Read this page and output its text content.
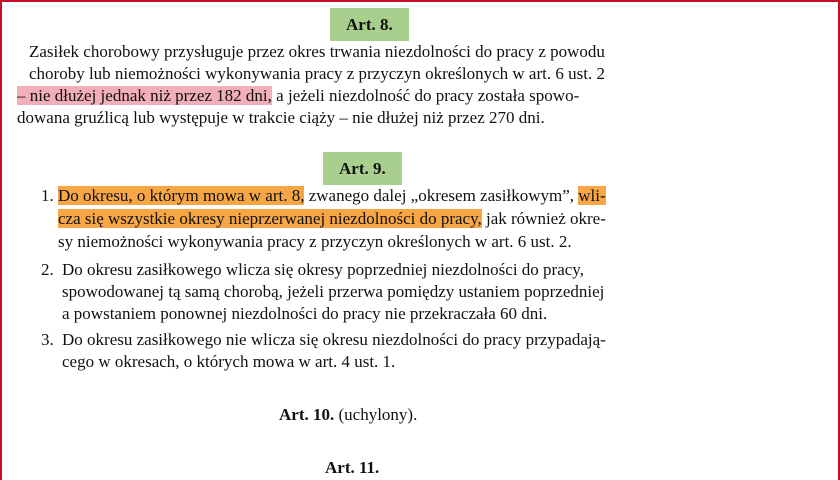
Art. 8.
Zasiłek chorobowy przysługuje przez okres trwania niezdolności do pracy z powodu
choroby lub niemożności wykonywania pracy z przyczyn określonych w art. 6 ust. 2
– nie dłużej jednak niż przez 182 dni, a jeżeli niezdolność do pracy została spowo-
dowana gruźlicą lub występuje w trakcie ciąży – nie dłużej niż przez 270 dni.
Art. 9.
1. Do okresu, o którym mowa w art. 8, zwanego dalej „okresem zasiłkowym”, wli-
cza się wszystkie okresy nieprzerwanej niezdolności do pracy, jak również okre-
sy niemożności wykonywania pracy z przyczyn określonych w art. 6 ust. 2.
2. Do okresu zasiłkowego wlicza się okresy poprzedniej niezdolności do pracy,
spowodowanej tą samą chorobą, jeżeli przerwa pomiędzy ustaniem poprzedniej
a powstaniem ponownej niezdolności do pracy nie przekraczała 60 dni.
3. Do okresu zasiłkowego nie wlicza się okresu niezdolności do pracy przypadają-
cego w okresach, o których mowa w art. 4 ust. 1.
Art. 10. (uchylony).
Art. 11.
